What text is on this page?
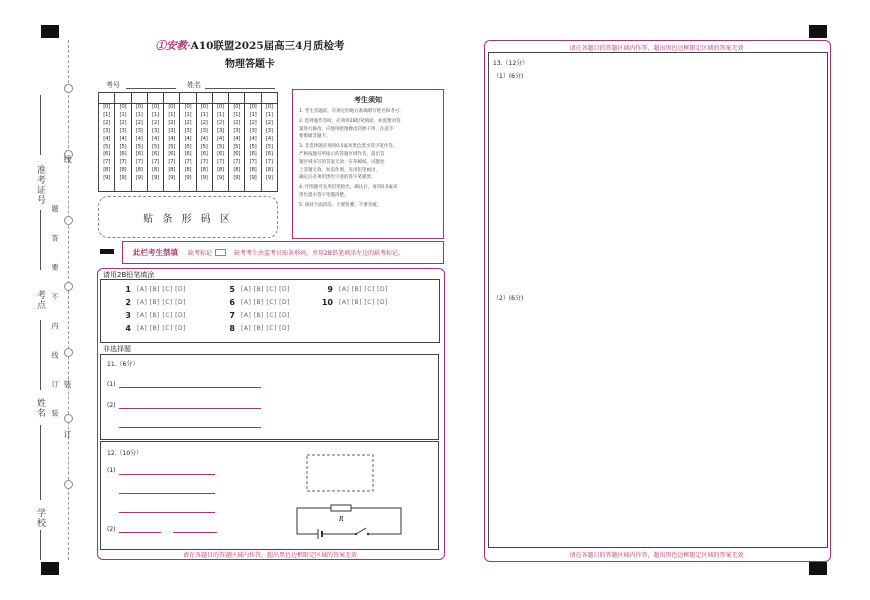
准考证号
考点
姓名
学校
线
装
订
题 答 要 不 内 线 订 装
①安教·A10联盟2025届高三4月质检考
物理答题卡
考号	姓名
[0]
[1]
[2]
[3]
[4]
[5]
[6]
[7]
[8]
[9]
[0]
[1]
[2]
[3]
[4]
[5]
[6]
[7]
[8]
[9]
[0]
[1]
[2]
[3]
[4]
[5]
[6]
[7]
[8]
[9]
[0]
[1]
[2]
[3]
[4]
[5]
[6]
[7]
[8]
[9]
[0]
[1]
[2]
[3]
[4]
[5]
[6]
[7]
[8]
[9]
[0]
[1]
[2]
[3]
[4]
[5]
[6]
[7]
[8]
[9]
[0]
[1]
[2]
[3]
[4]
[5]
[6]
[7]
[8]
[9]
[0]
[1]
[2]
[3]
[4]
[5]
[6]
[7]
[8]
[9]
[0]
[1]
[2]
[3]
[4]
[5]
[6]
[7]
[8]
[9]
[0]
[1]
[2]
[3]
[4]
[5]
[6]
[7]
[8]
[9]
[0]
[1]
[2]
[3]
[4]
[5]
[6]
[7]
[8]
[9]
贴 条 形 码 区
考生须知
1. 考生答题前，在规定的地方准确填写姓名和考号。
2. 选择题作答时，必须用2B铅笔填涂，如需要对答
案进行修改，应使用绘图橡皮轻擦干净，注意不
要擦破答题卡。
3. 非选择题必须用0.5毫米黑色墨水签字笔作答。
严格按题号所指示的答题区域作答，超出答
题区域书写的答案无效；在草稿纸、试题卷
上答题无效。如需作图，先用铅笔画出，
确定后必须用黑色字迹的签字笔描黑。
4. 作图题可先用铅笔绘出，确认后，再用0.5毫米
黑色墨水签字笔描清楚。
5. 保持卡面清洁，不要折叠、不要弄破。
此栏考生禁填 缺考标记	缺考考生由监考员贴条形码，并用2B铅笔填涂左边的缺考标记。
请用2B铅笔填涂
1 [A] [B] [C] [D]
2 [A] [B] [C] [D]
3 [A] [B] [C] [D]
4 [A] [B] [C] [D]
5 [A] [B] [C] [D]
6 [A] [B] [C] [D]
7 [A] [B] [C] [D]
8 [A] [B] [C] [D]
9 [A] [B] [C] [D]
10 [A] [B] [C] [D]
非选择题
11.（6分）
(1)
(2)
12.（10分）
(1)
(2)
R
请在各题目的答题区域内作答，超出黑色边框限定区域的答案无效
请在各题目的答题区域内作答，超出黑色边框限定区域的答案无效
13.（12分）
（1）(6分)
（2）(6分)
请在各题目的答题区域内作答，超出黑色边框限定区域的答案无效
